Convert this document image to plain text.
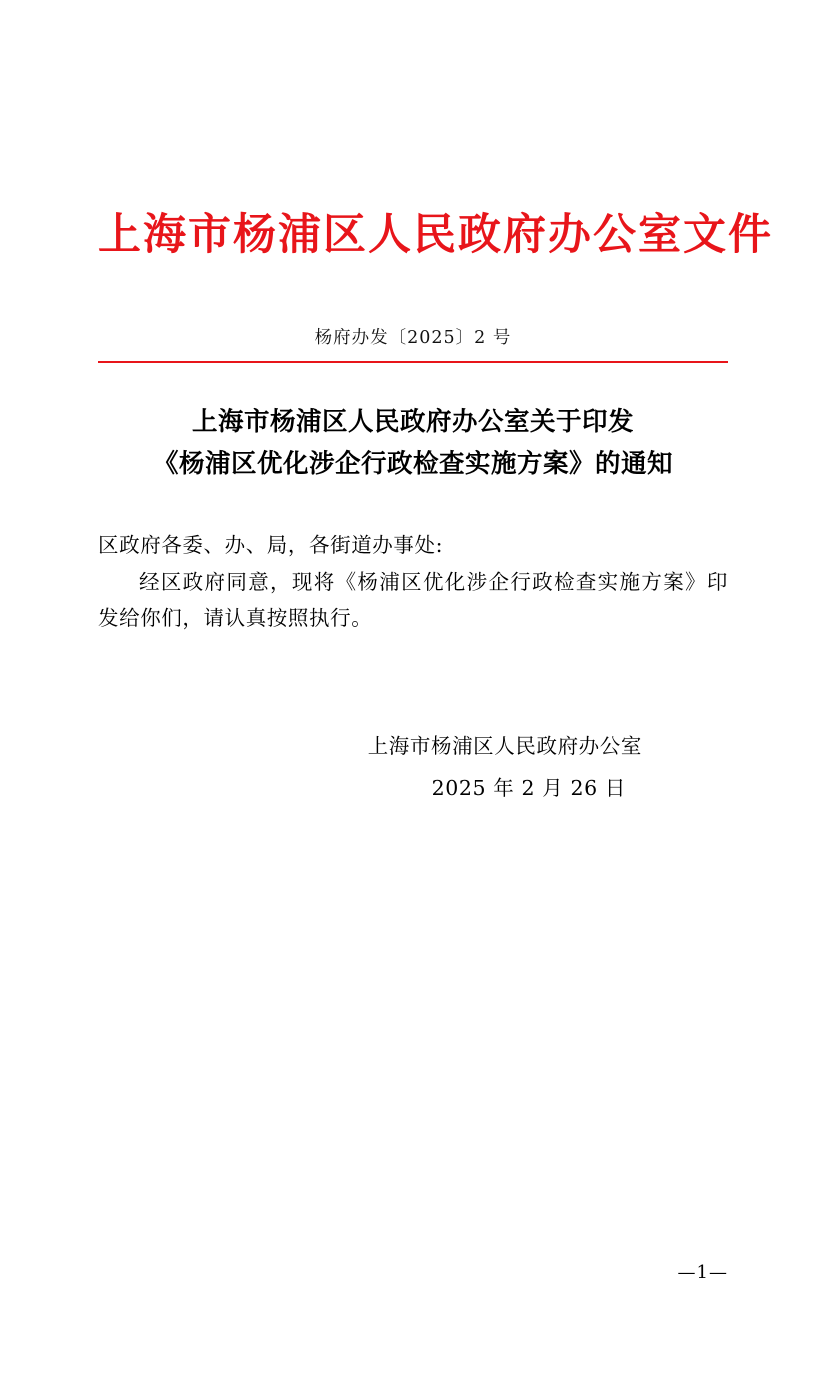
上海市杨浦区人民政府办公室文件
杨府办发〔2025〕2 号
上海市杨浦区人民政府办公室关于印发
《杨浦区优化涉企行政检查实施方案》的通知

区政府各委、办、局，各街道办事处:

经区政府同意，现将《杨浦区优化涉企行政检查实施方案》印发给你们，请认真按照执行。

上海市杨浦区人民政府办公室
2025 年 2 月 26 日
—1—
